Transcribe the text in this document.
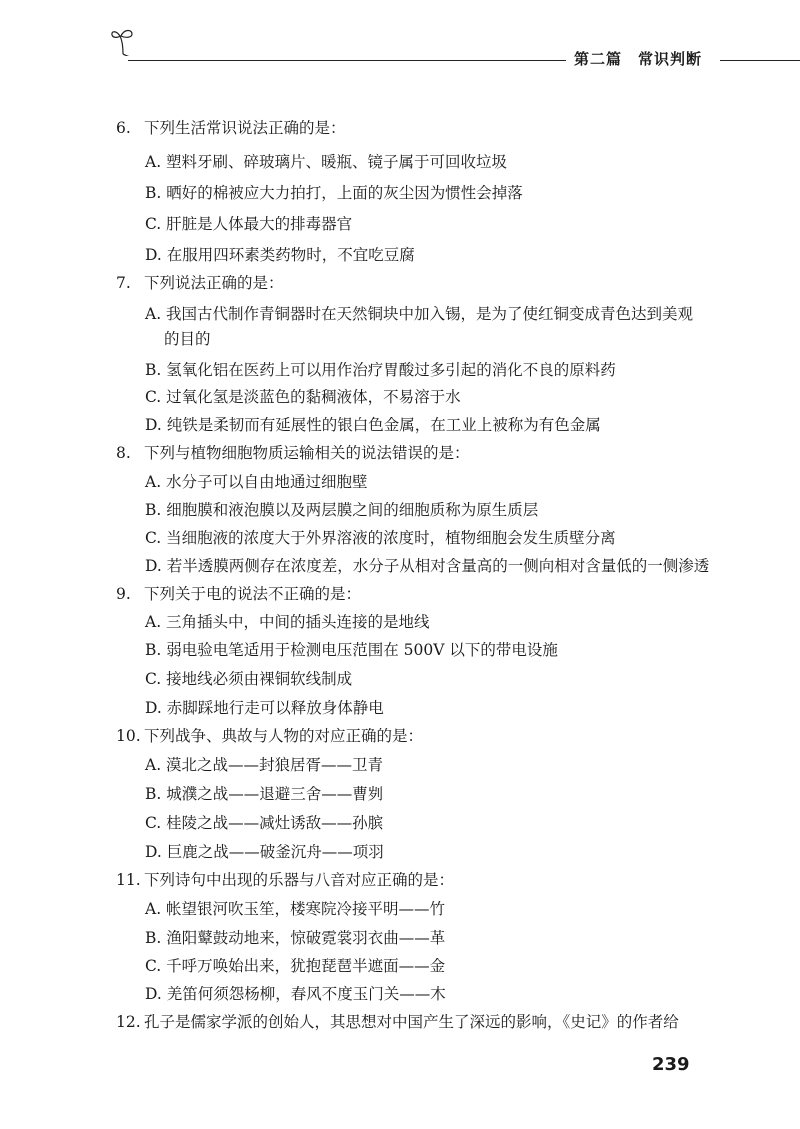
第二篇　常识判断
6. 下列生活常识说法正确的是：
A. 塑料牙刷、碎玻璃片、暖瓶、镜子属于可回收垃圾
B. 晒好的棉被应大力拍打，上面的灰尘因为惯性会掉落
C. 肝脏是人体最大的排毒器官
D. 在服用四环素类药物时，不宜吃豆腐
7. 下列说法正确的是：
A. 我国古代制作青铜器时在天然铜块中加入锡，是为了使红铜变成青色达到美观
的目的
B. 氢氧化铝在医药上可以用作治疗胃酸过多引起的消化不良的原料药
C. 过氧化氢是淡蓝色的黏稠液体，不易溶于水
D. 纯铁是柔韧而有延展性的银白色金属，在工业上被称为有色金属
8. 下列与植物细胞物质运输相关的说法错误的是：
A. 水分子可以自由地通过细胞壁
B. 细胞膜和液泡膜以及两层膜之间的细胞质称为原生质层
C. 当细胞液的浓度大于外界溶液的浓度时，植物细胞会发生质壁分离
D. 若半透膜两侧存在浓度差，水分子从相对含量高的一侧向相对含量低的一侧渗透
9. 下列关于电的说法不正确的是：
A. 三角插头中，中间的插头连接的是地线
B. 弱电验电笔适用于检测电压范围在 500V 以下的带电设施
C. 接地线必须由裸铜软线制成
D. 赤脚踩地行走可以释放身体静电
10. 下列战争、典故与人物的对应正确的是：
A. 漠北之战——封狼居胥——卫青
B. 城濮之战——退避三舍——曹刿
C. 桂陵之战——减灶诱敌——孙膑
D. 巨鹿之战——破釜沉舟——项羽
11. 下列诗句中出现的乐器与八音对应正确的是：
A. 帐望银河吹玉笙，楼寒院冷接平明——竹
B. 渔阳鼙鼓动地来，惊破霓裳羽衣曲——革
C. 千呼万唤始出来，犹抱琵琶半遮面——金
D. 羌笛何须怨杨柳，春风不度玉门关——木
12. 孔子是儒家学派的创始人，其思想对中国产生了深远的影响，《史记》的作者给
239
